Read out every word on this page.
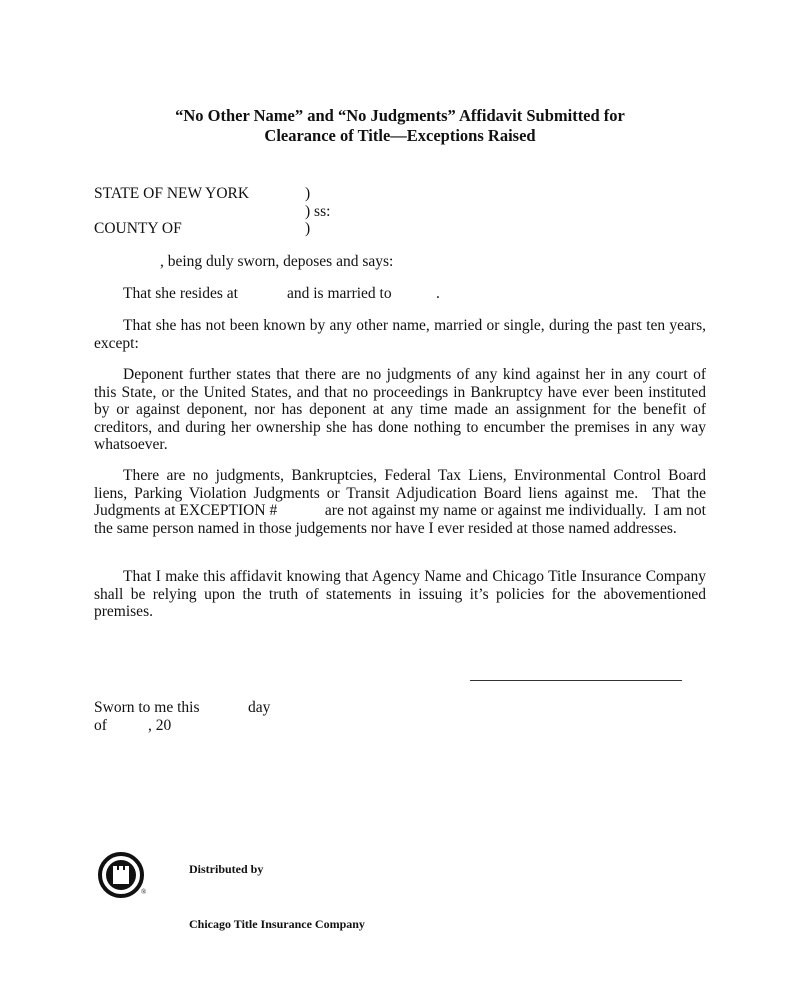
“No Other Name” and “No Judgments” Affidavit Submitted for
Clearance of Title—Exceptions Raised
STATE OF NEW YORK	)
) ss:
COUNTY OF	)
, being duly sworn, deposes and says:
That she resides at	and is married to	.
That she has not been known by any other name, married or single, during the past ten years, except:
Deponent further states that there are no judgments of any kind against her in any court of this State, or the United States, and that no proceedings in Bankruptcy have ever been instituted by or against deponent, nor has deponent at any time made an assignment for the benefit of creditors, and during her ownership she has done nothing to encumber the premises in any way whatsoever.
There are no judgments, Bankruptcies, Federal Tax Liens, Environmental Control Board liens, Parking Violation Judgments or Transit Adjudication Board liens against me.  That the Judgments at EXCEPTION #            are not against my name or against me individually.  I am not the same person named in those judgements nor have I ever resided at those named addresses.
That I make this affidavit knowing that Agency Name and Chicago Title Insurance Company shall be relying upon the truth of statements in issuing it’s policies for the abovementioned premises.
Sworn to me this	day
of	, 20
®
Distributed by
Chicago Title Insurance Company
